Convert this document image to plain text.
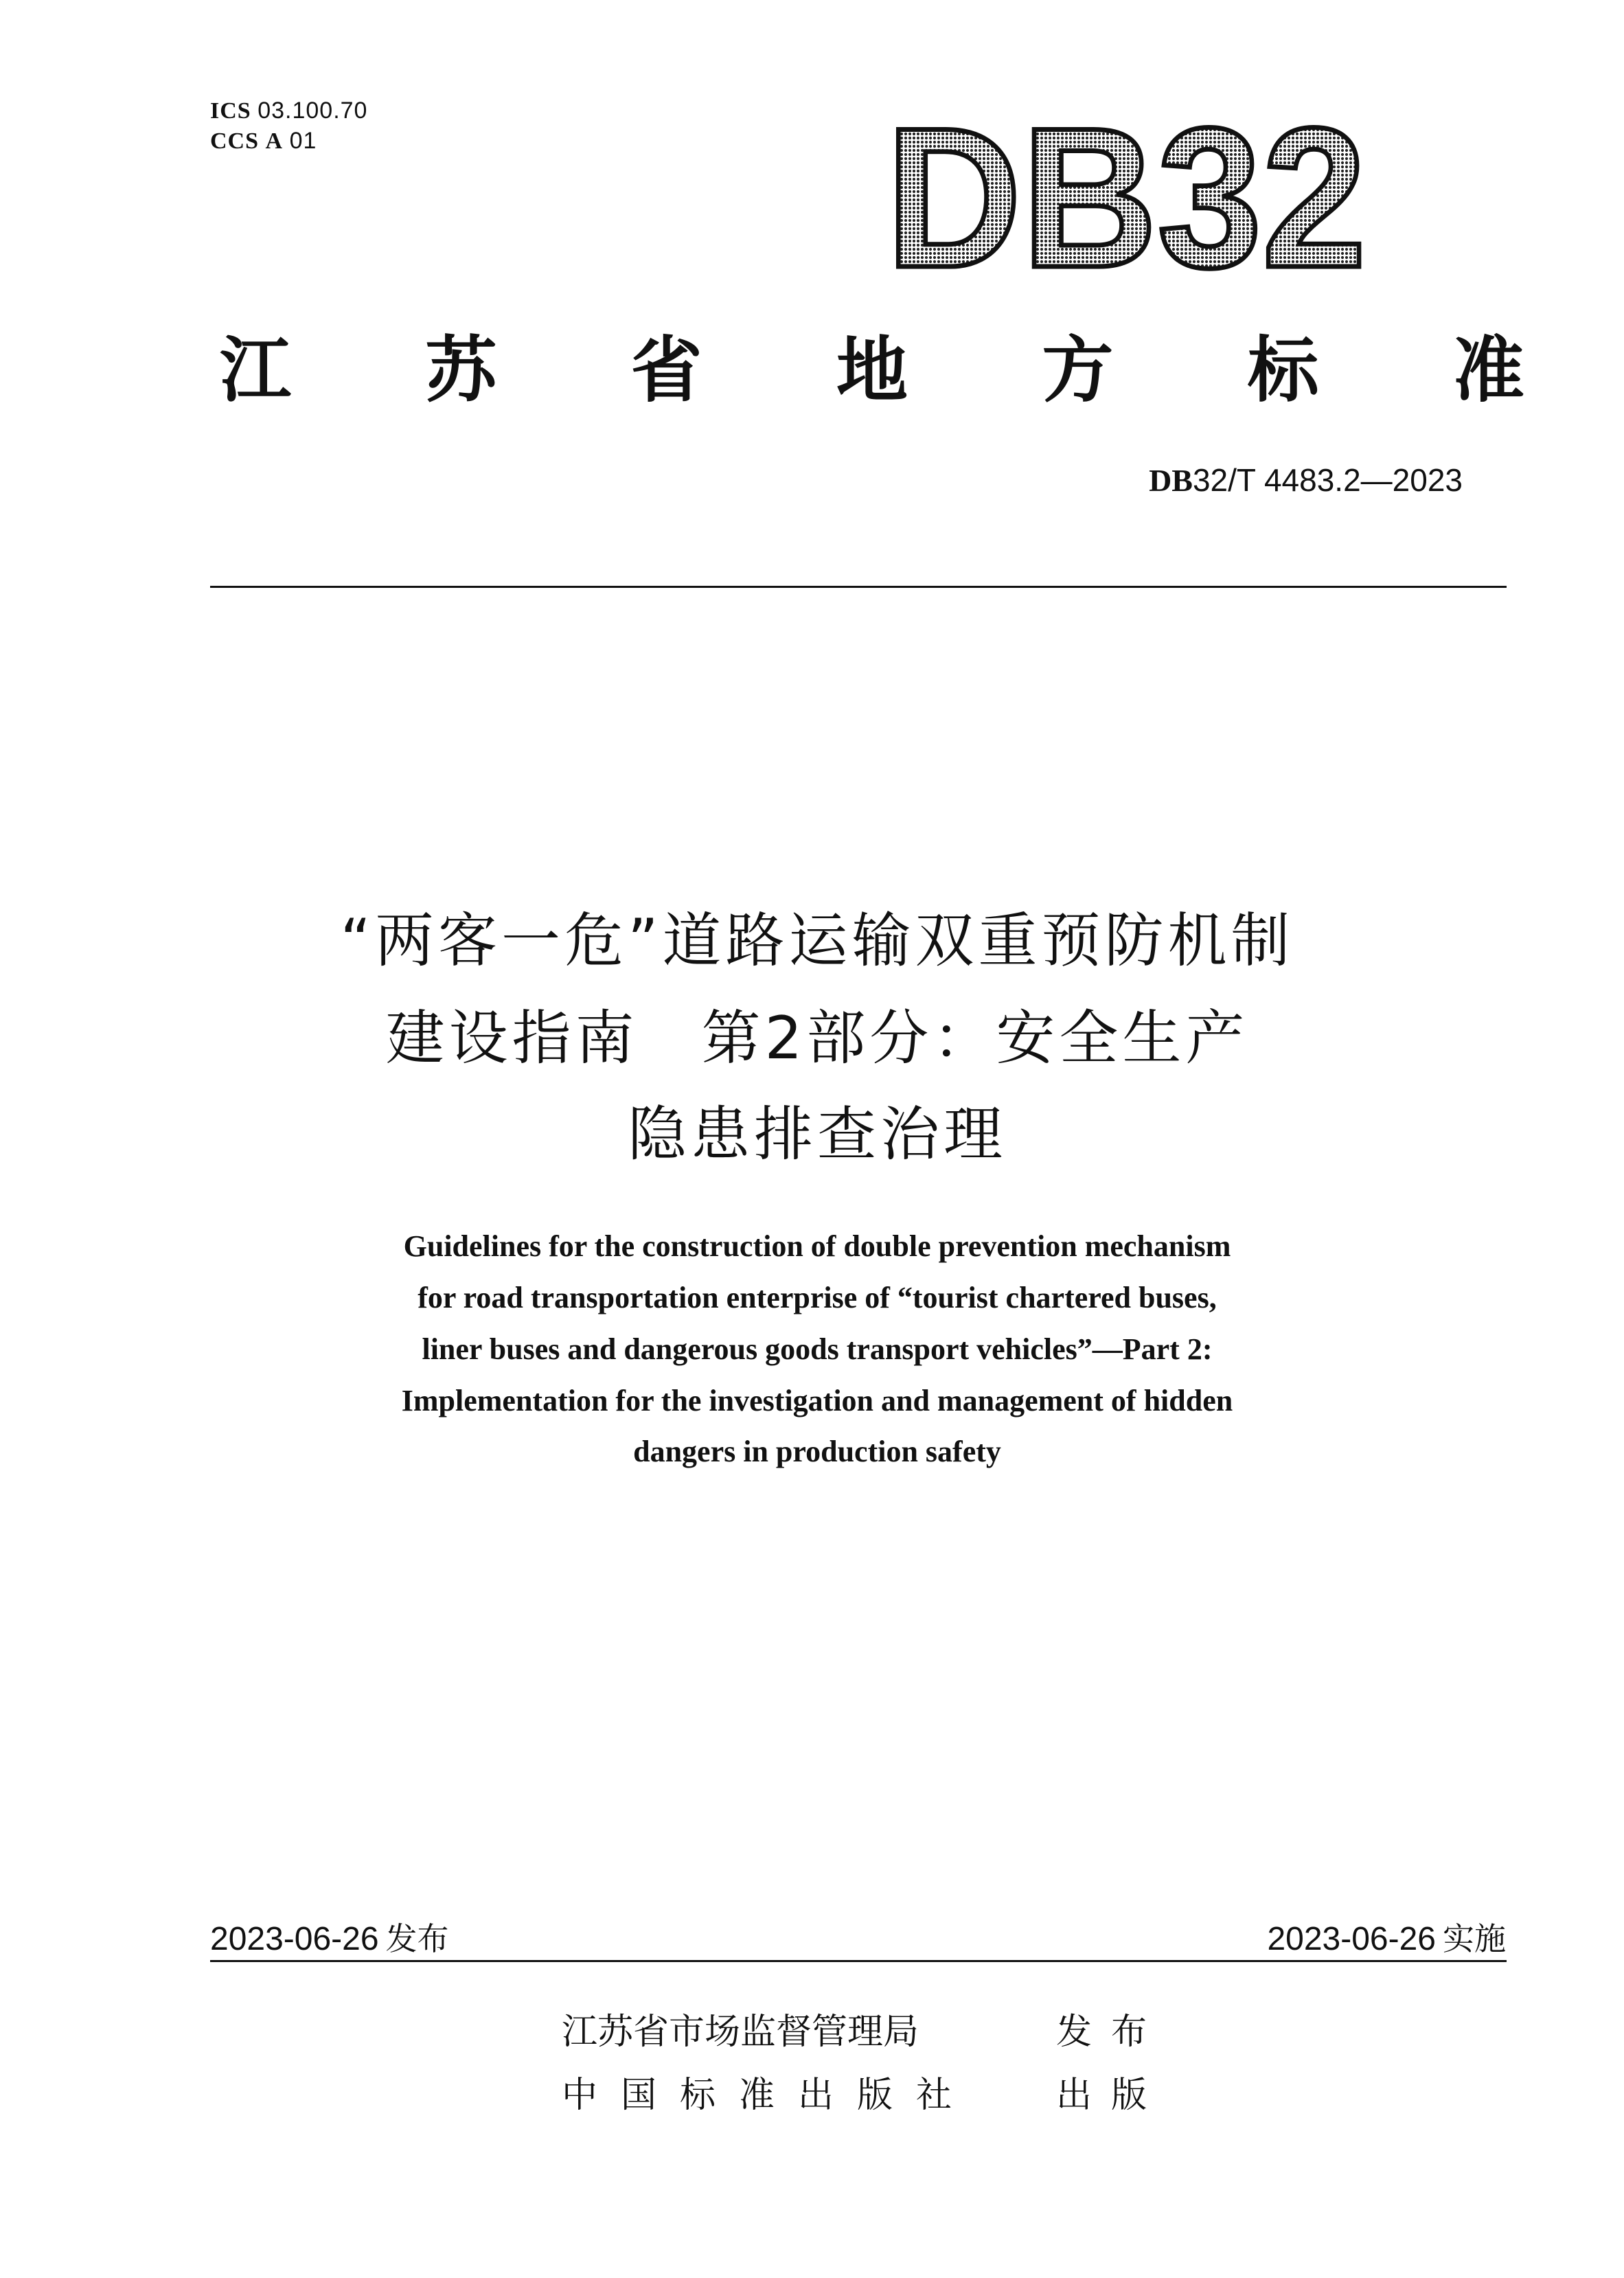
ICS 03.100.70
CCS A 01	DB32
江 苏 省 地 方 标 准
DB32/T 4483.2—2023
“两客一危”道路运输双重预防机制
建设指南　第2部分：安全生产
隐患排查治理
Guidelines for the construction of double prevention mechanism
for road transportation enterprise of “tourist chartered buses,
liner buses and dangerous goods transport vehicles”—Part 2:
Implementation for the investigation and management of hidden
dangers in production safety
2023-06-26 发布	2023-06-26 实施
江苏省市场监督管理局	发布
中国标准出版社 出版
